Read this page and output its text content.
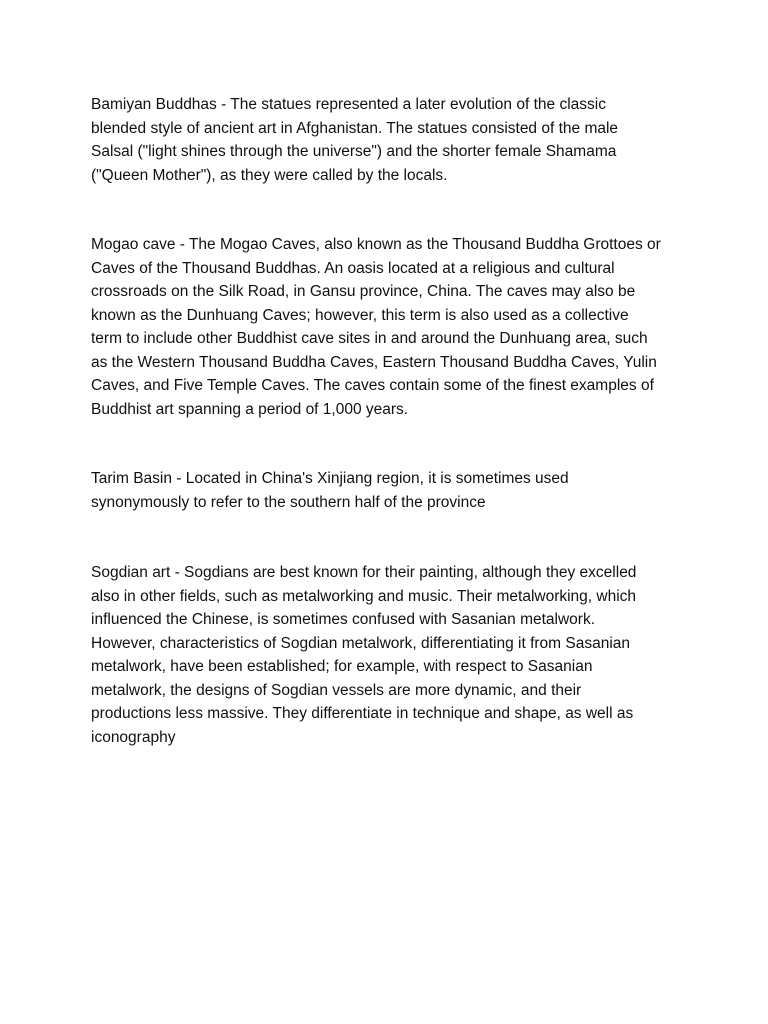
Bamiyan Buddhas - The statues represented a later evolution of the classic
blended style of ancient art in Afghanistan. The statues consisted of the male
Salsal ("light shines through the universe") and the shorter female Shamama
("Queen Mother"), as they were called by the locals.
Mogao cave - The Mogao Caves, also known as the Thousand Buddha Grottoes or
Caves of the Thousand Buddhas. An oasis located at a religious and cultural
crossroads on the Silk Road, in Gansu province, China. The caves may also be
known as the Dunhuang Caves; however, this term is also used as a collective
term to include other Buddhist cave sites in and around the Dunhuang area, such
as the Western Thousand Buddha Caves, Eastern Thousand Buddha Caves, Yulin
Caves, and Five Temple Caves. The caves contain some of the finest examples of
Buddhist art spanning a period of 1,000 years.
Tarim Basin - Located in China's Xinjiang region, it is sometimes used
synonymously to refer to the southern half of the province
Sogdian art - Sogdians are best known for their painting, although they excelled
also in other fields, such as metalworking and music. Their metalworking, which
influenced the Chinese, is sometimes confused with Sasanian metalwork.
However, characteristics of Sogdian metalwork, differentiating it from Sasanian
metalwork, have been established; for example, with respect to Sasanian
metalwork, the designs of Sogdian vessels are more dynamic, and their
productions less massive. They differentiate in technique and shape, as well as
iconography
